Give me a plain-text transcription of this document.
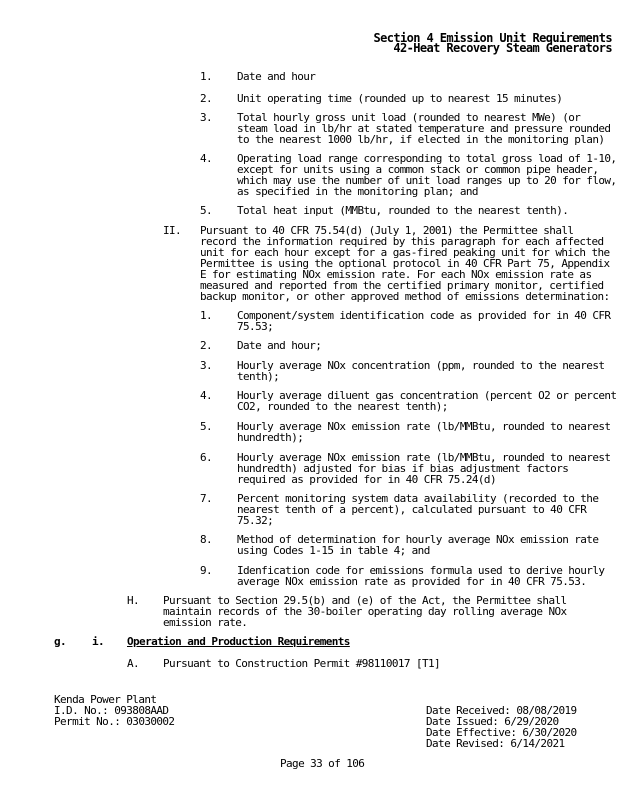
Section 4 Emission Unit Requirements
42-Heat Recovery Steam Generators
1. Date and hour
2. Unit operating time (rounded up to nearest 15 minutes)
3. Total hourly gross unit load (rounded to nearest MWe) (or
steam load in lb/hr at stated temperature and pressure rounded
to the nearest 1000 lb/hr, if elected in the monitoring plan)
4. Operating load range corresponding to total gross load of 1-10,
except for units using a common stack or common pipe header,
which may use the number of unit load ranges up to 20 for flow,
as specified in the monitoring plan; and
5. Total heat input (MMBtu, rounded to the nearest tenth).
II. Pursuant to 40 CFR 75.54(d) (July 1, 2001) the Permittee shall
record the information required by this paragraph for each affected
unit for each hour except for a gas-fired peaking unit for which the
Permittee is using the optional protocol in 40 CFR Part 75, Appendix
E for estimating NOx emission rate. For each NOx emission rate as
measured and reported from the certified primary monitor, certified
backup monitor, or other approved method of emissions determination:
1. Component/system identification code as provided for in 40 CFR
75.53;
2. Date and hour;
3. Hourly average NOx concentration (ppm, rounded to the nearest
tenth);
4. Hourly average diluent gas concentration (percent O2 or percent
CO2, rounded to the nearest tenth);
5. Hourly average NOx emission rate (lb/MMBtu, rounded to nearest
hundredth);
6. Hourly average NOx emission rate (lb/MMBtu, rounded to nearest
hundredth) adjusted for bias if bias adjustment factors
required as provided for in 40 CFR 75.24(d)
7. Percent monitoring system data availability (recorded to the
nearest tenth of a percent), calculated pursuant to 40 CFR
75.32;
8. Method of determination for hourly average NOx emission rate
using Codes 1-15 in table 4; and
9. Idenfication code for emissions formula used to derive hourly
average NOx emission rate as provided for in 40 CFR 75.53.
H. Pursuant to Section 29.5(b) and (e) of the Act, the Permittee shall
maintain records of the 30-boiler operating day rolling average NOx
emission rate.
g. i. Operation and Production Requirements
A. Pursuant to Construction Permit #98110017 [T1]
Kenda Power Plant
I.D. No.: 093808AAD
Permit No.: 03030002
Date Received: 08/08/2019
Date Issued: 6/29/2020
Date Effective: 6/30/2020
Date Revised: 6/14/2021
Page 33 of 106
